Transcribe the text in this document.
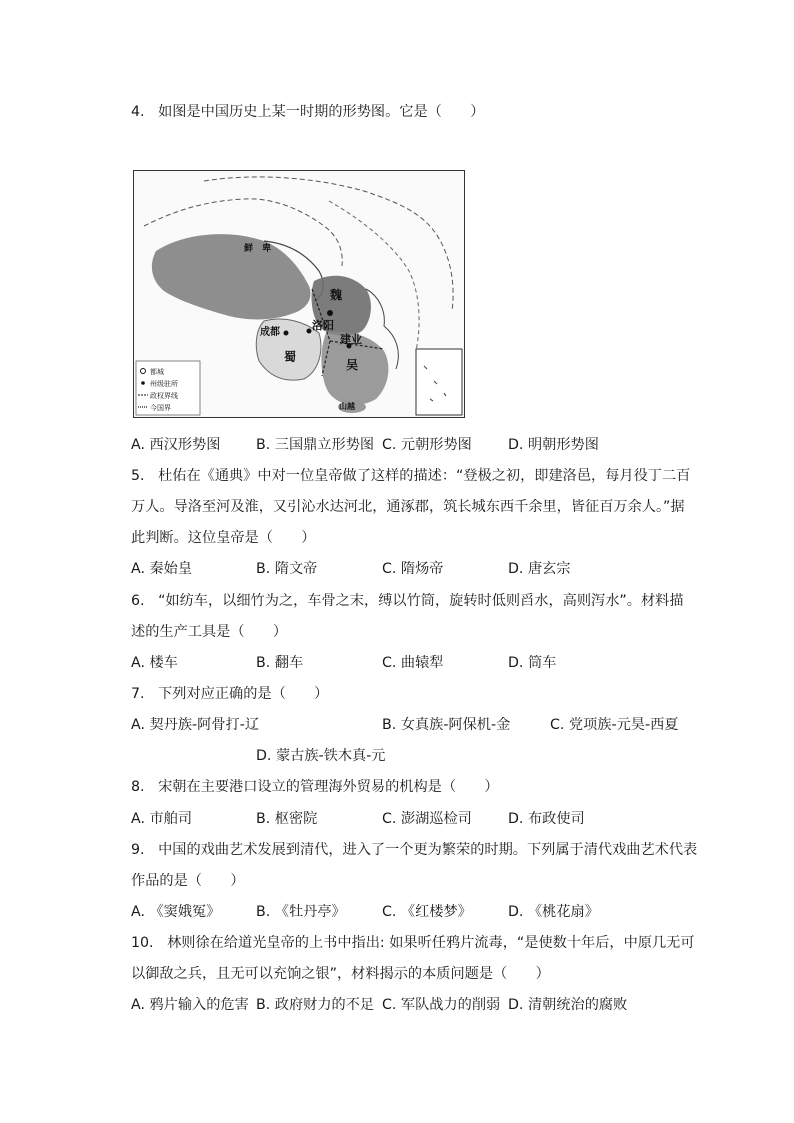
4. 如图是中国历史上某一时期的形势图。它是（　　）
鲜　卑
魏
洛阳
成都
蜀
建业
吴
山越
都城
州级驻所
政权界线
今国界
A. 西汉形势图	B. 三国鼎立形势图 C. 元朝形势图	D. 明朝形势图
5. 杜佑在《通典》中对一位皇帝做了这样的描述：“登极之初，即建洛邑，每月役丁二百
万人。导洛至河及淮，又引沁水达河北，通涿郡，筑长城东西千余里，皆征百万余人。”据
此判断。这位皇帝是（　　）
A. 秦始皇	B. 隋文帝	C. 隋炀帝	D. 唐玄宗
6. “如纺车，以细竹为之，车骨之末，缚以竹筒，旋转时低则舀水，高则泻水”。材料描
述的生产工具是（　　）
A. 楼车	B. 翻车	C. 曲辕犁	D. 筒车
7. 下列对应正确的是（　　）
A. 契丹族-阿骨打-辽	B. 女真族-阿保机-金	C. 党项族-元昊-西夏
D. 蒙古族-铁木真-元
8. 宋朝在主要港口设立的管理海外贸易的机构是（　　）
A. 市舶司	B. 枢密院	C. 澎湖巡检司	D. 布政使司
9. 中国的戏曲艺术发展到清代，进入了一个更为繁荣的时期。下列属于清代戏曲艺术代表
作品的是（　　）
A. 《窦娥冤》	B. 《牡丹亭》	C. 《红楼梦》	D. 《桃花扇》
10. 林则徐在给道光皇帝的上书中指出: 如果听任鸦片流毒，“是使数十年后，中原几无可
以御敌之兵，且无可以充饷之银”，材料揭示的本质问题是（　　）
A. 鸦片输入的危害 B. 政府财力的不足 C. 军队战力的削弱 D. 清朝统治的腐败
